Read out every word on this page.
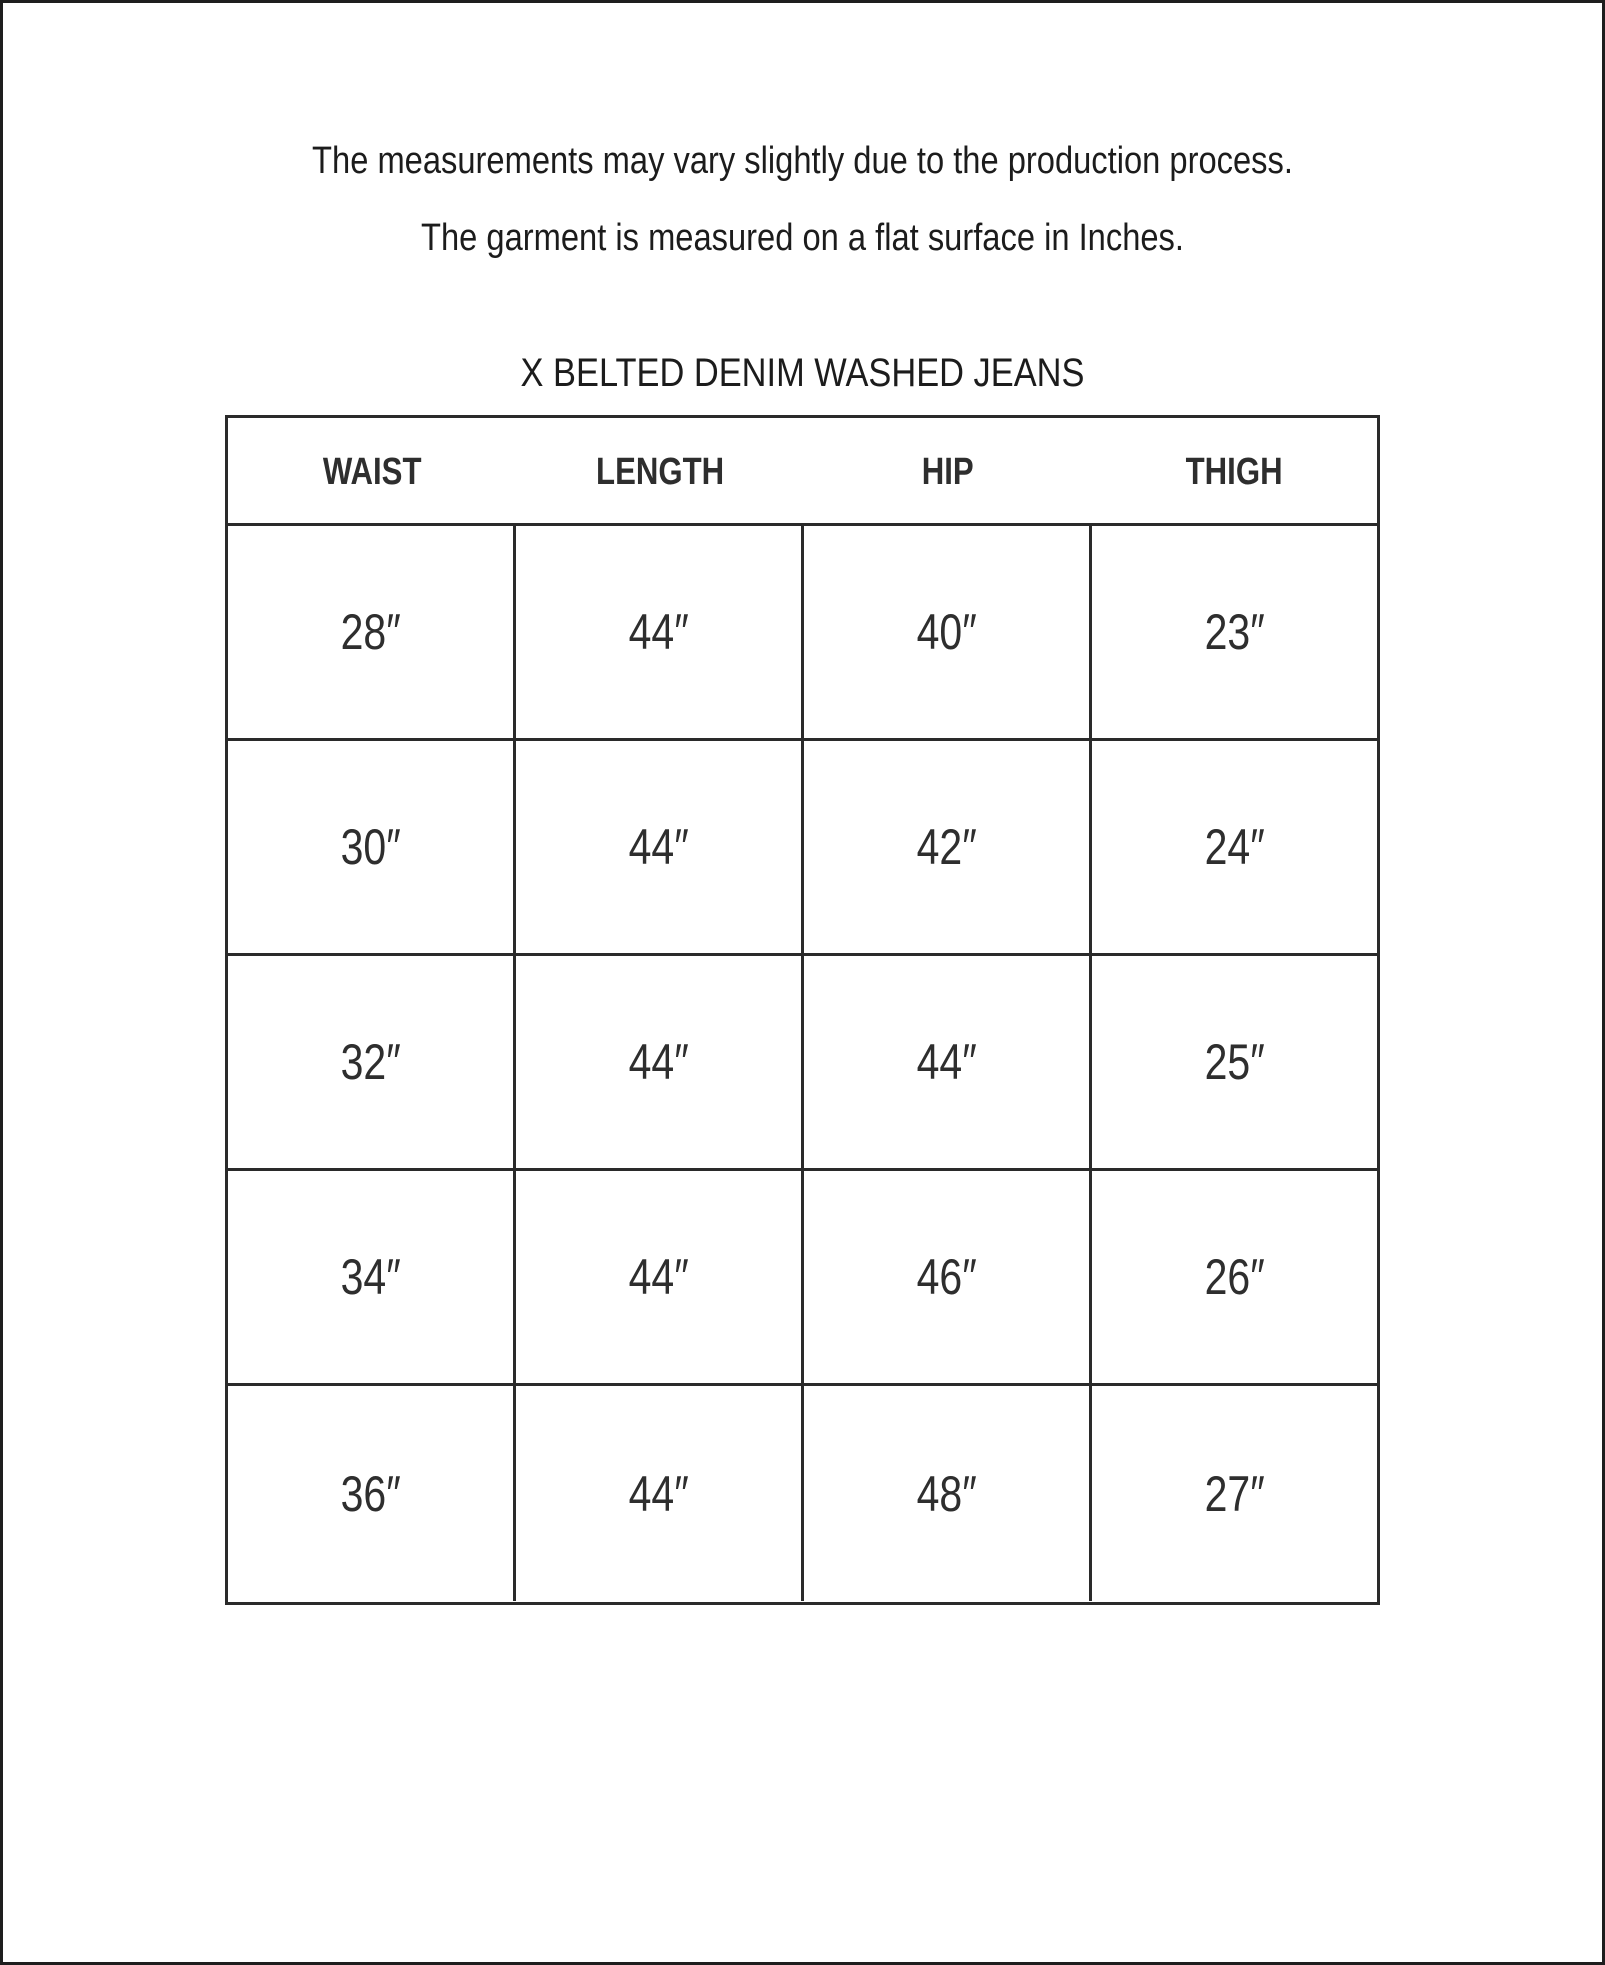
The measurements may vary slightly due to the production process.
The garment is measured on a flat surface in Inches.
X BELTED DENIM WASHED JEANS
WAIST	LENGTH	HIP	THIGH
28″	44″	40″	23″
30″	44″	42″	24″
32″	44″	44″	25″
34″	44″	46″	26″
36″	44″	48″	27″
